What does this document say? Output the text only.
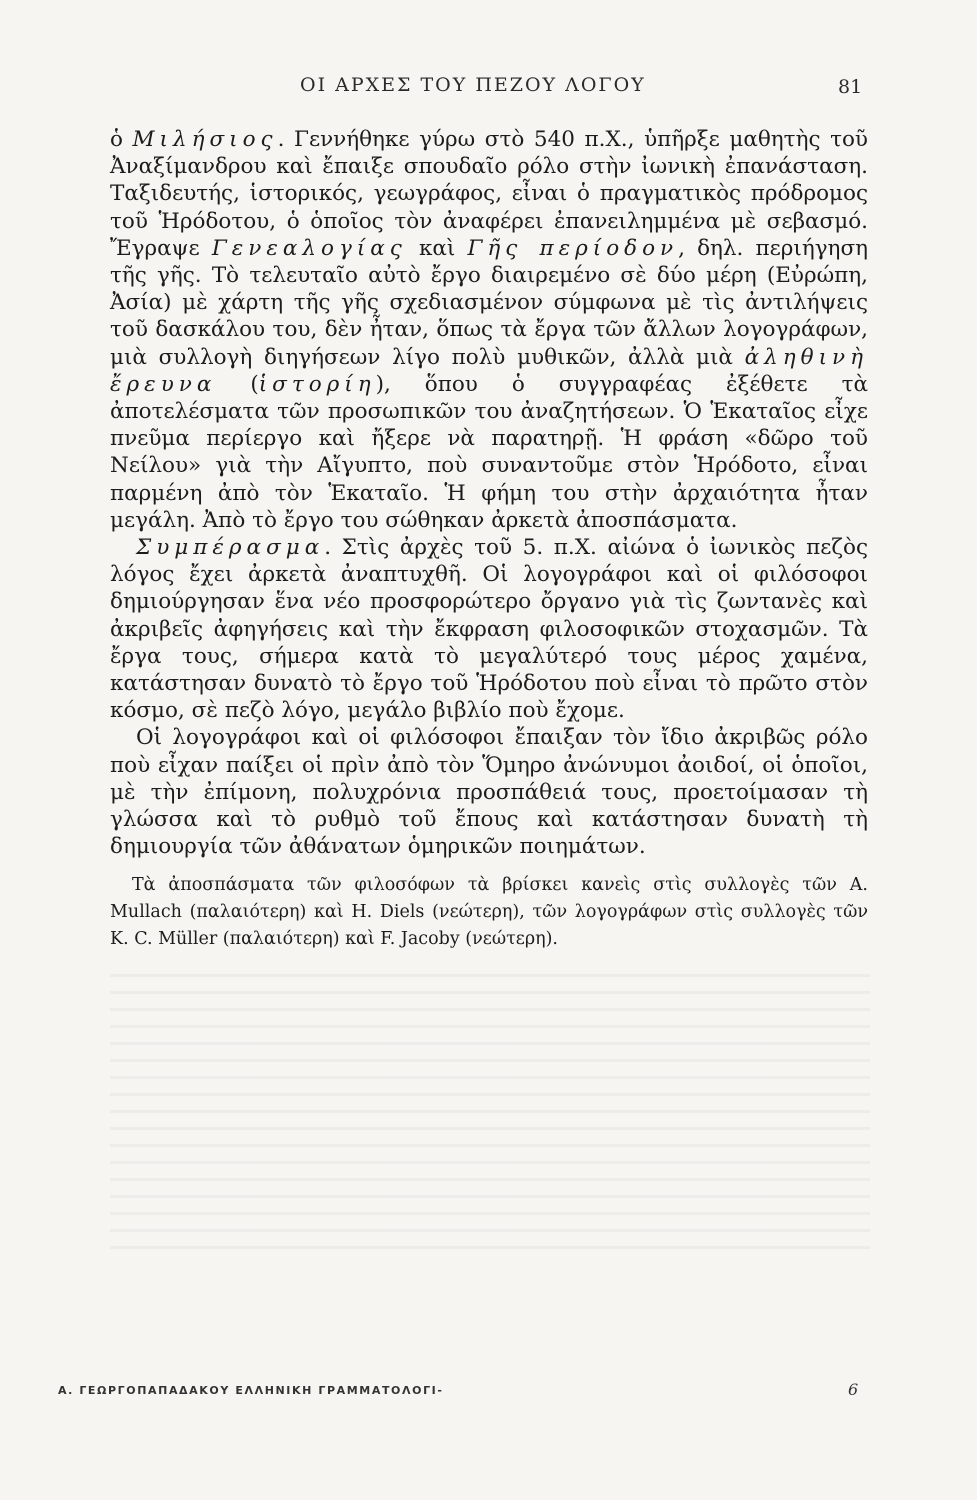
ΟΙ ΑΡΧΕΣ ΤΟΥ ΠΕΖΟΥ ΛΟΓΟΥ	81

ὁ Μιλήσιος. Γεννήθηκε γύρω στὸ 540 π.Χ., ὑπῆρξε μαθητὴς τοῦ Ἀναξίμανδρου καὶ ἔπαιξε σπουδαῖο ρόλο στὴν ἰωνικὴ ἐπανάσταση. Ταξιδευτής, ἱστορικός, γεωγράφος, εἶναι ὁ πραγματικὸς πρόδρομος τοῦ Ἡρόδοτου, ὁ ὁποῖος τὸν ἀναφέρει ἐπανειλημμένα μὲ σεβασμό. Ἔγραψε Γενεαλογίας καὶ Γῆς περίοδον, δηλ. περιήγηση τῆς γῆς. Τὸ τελευταῖο αὐτὸ ἔργο διαιρεμένο σὲ δύο μέρη (Εὐρώπη, Ἀσία) μὲ χάρτη τῆς γῆς σχεδιασμένον σύμφωνα μὲ τὶς ἀντιλήψεις τοῦ δασκάλου του, δὲν ἦταν, ὅπως τὰ ἔργα τῶν ἄλλων λογογράφων, μιὰ συλλογὴ διηγήσεων λίγο πολὺ μυθικῶν, ἀλλὰ μιὰ ἀληθινὴ ἔρευνα (ἱστορίη), ὅπου ὁ συγγραφέας ἐξέθετε τὰ ἀποτελέσματα τῶν προσωπικῶν του ἀναζητήσεων. Ὁ Ἑκαταῖος εἶχε πνεῦμα περίεργο καὶ ἤξερε νὰ παρατηρῇ. Ἡ φράση «δῶρο τοῦ Νείλου» γιὰ τὴν Αἴγυπτο, ποὺ συναντοῦμε στὸν Ἡρόδοτο, εἶναι παρμένη ἀπὸ τὸν Ἑκαταῖο. Ἡ φήμη του στὴν ἀρχαιότητα ἦταν μεγάλη. Ἀπὸ τὸ ἔργο του σώθηκαν ἀρκετὰ ἀποσπάσματα.

Συμπέρασμα. Στὶς ἀρχὲς τοῦ 5. π.Χ. αἰώνα ὁ ἰωνικὸς πεζὸς λόγος ἔχει ἀρκετὰ ἀναπτυχθῆ. Οἱ λογογράφοι καὶ οἱ φιλόσοφοι δημιούργησαν ἕνα νέο προσφορώτερο ὄργανο γιὰ τὶς ζωντανὲς καὶ ἀκριβεῖς ἀφηγήσεις καὶ τὴν ἔκφραση φιλοσοφικῶν στοχασμῶν. Τὰ ἔργα τους, σήμερα κατὰ τὸ μεγαλύτερό τους μέρος χαμένα, κατάστησαν δυνατὸ τὸ ἔργο τοῦ Ἡρόδοτου ποὺ εἶναι τὸ πρῶτο στὸν κόσμο, σὲ πεζὸ λόγο, μεγάλο βιβλίο ποὺ ἔχομε.

Οἱ λογογράφοι καὶ οἱ φιλόσοφοι ἔπαιξαν τὸν ἴδιο ἀκριβῶς ρόλο ποὺ εἶχαν παίξει οἱ πρὶν ἀπὸ τὸν Ὅμηρο ἀνώνυμοι ἀοιδοί, οἱ ὁποῖοι, μὲ τὴν ἐπίμονη, πολυχρόνια προσπάθειά τους, προετοίμασαν τὴ γλώσσα καὶ τὸ ρυθμὸ τοῦ ἔπους καὶ κατάστησαν δυνατὴ τὴ δημιουργία τῶν ἀθάνατων ὁμηρικῶν ποιημάτων.

Τὰ ἀποσπάσματα τῶν φιλοσόφων τὰ βρίσκει κανεὶς στὶς συλλογὲς τῶν A. Mullach (παλαιότερη) καὶ H. Diels (νεώτερη), τῶν λογογράφων στὶς συλλογὲς τῶν K. C. Müller (παλαιότερη) καὶ F. Jacoby (νεώτερη).

Α. ΓΕΩΡΓΟΠΑΠΑΔΑΚΟΥ ΕΛΛΗΝΙΚΗ ΓΡΑΜΜΑΤΟΛΟΓΙ-	6
